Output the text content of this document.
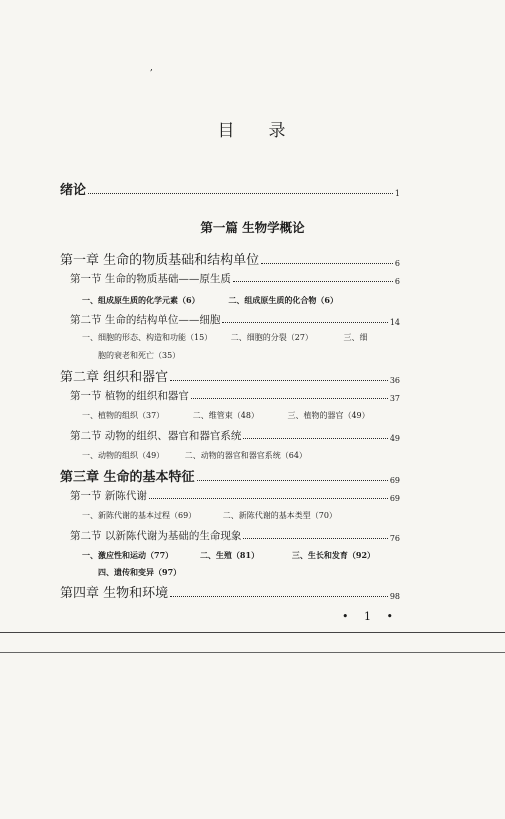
,
目 录
绪论	1
第一篇 生物学概论
第一章 生命的物质基础和结构单位	6
第一节 生命的物质基础——原生质	6
一、组成原生质的化学元素（6）	二、组成原生质的化合物（6）
第二节 生命的结构单位——细胞	14
一、细胞的形态、构造和功能（15） 二、细胞的分裂（27）	三、细
胞的衰老和死亡（35）
第二章 组织和器官	36
第一节 植物的组织和器官	37
一、植物的组织（37）	二、维管束（48）	三、植物的器官（49）
第二节 动物的组织、器官和器官系统	49
一、动物的组织（49）	二、动物的器官和器官系统（64）
第三章 生命的基本特征	69
第一节 新陈代谢	69
一、新陈代谢的基本过程（69）	二、新陈代谢的基本类型（70）
第二节 以新陈代谢为基础的生命现象	76
一、激应性和运动（77）	二、生殖（81）	三、生长和发育（92）
四、遗传和变异（97）
第四章 生物和环境	98
• 1 •
